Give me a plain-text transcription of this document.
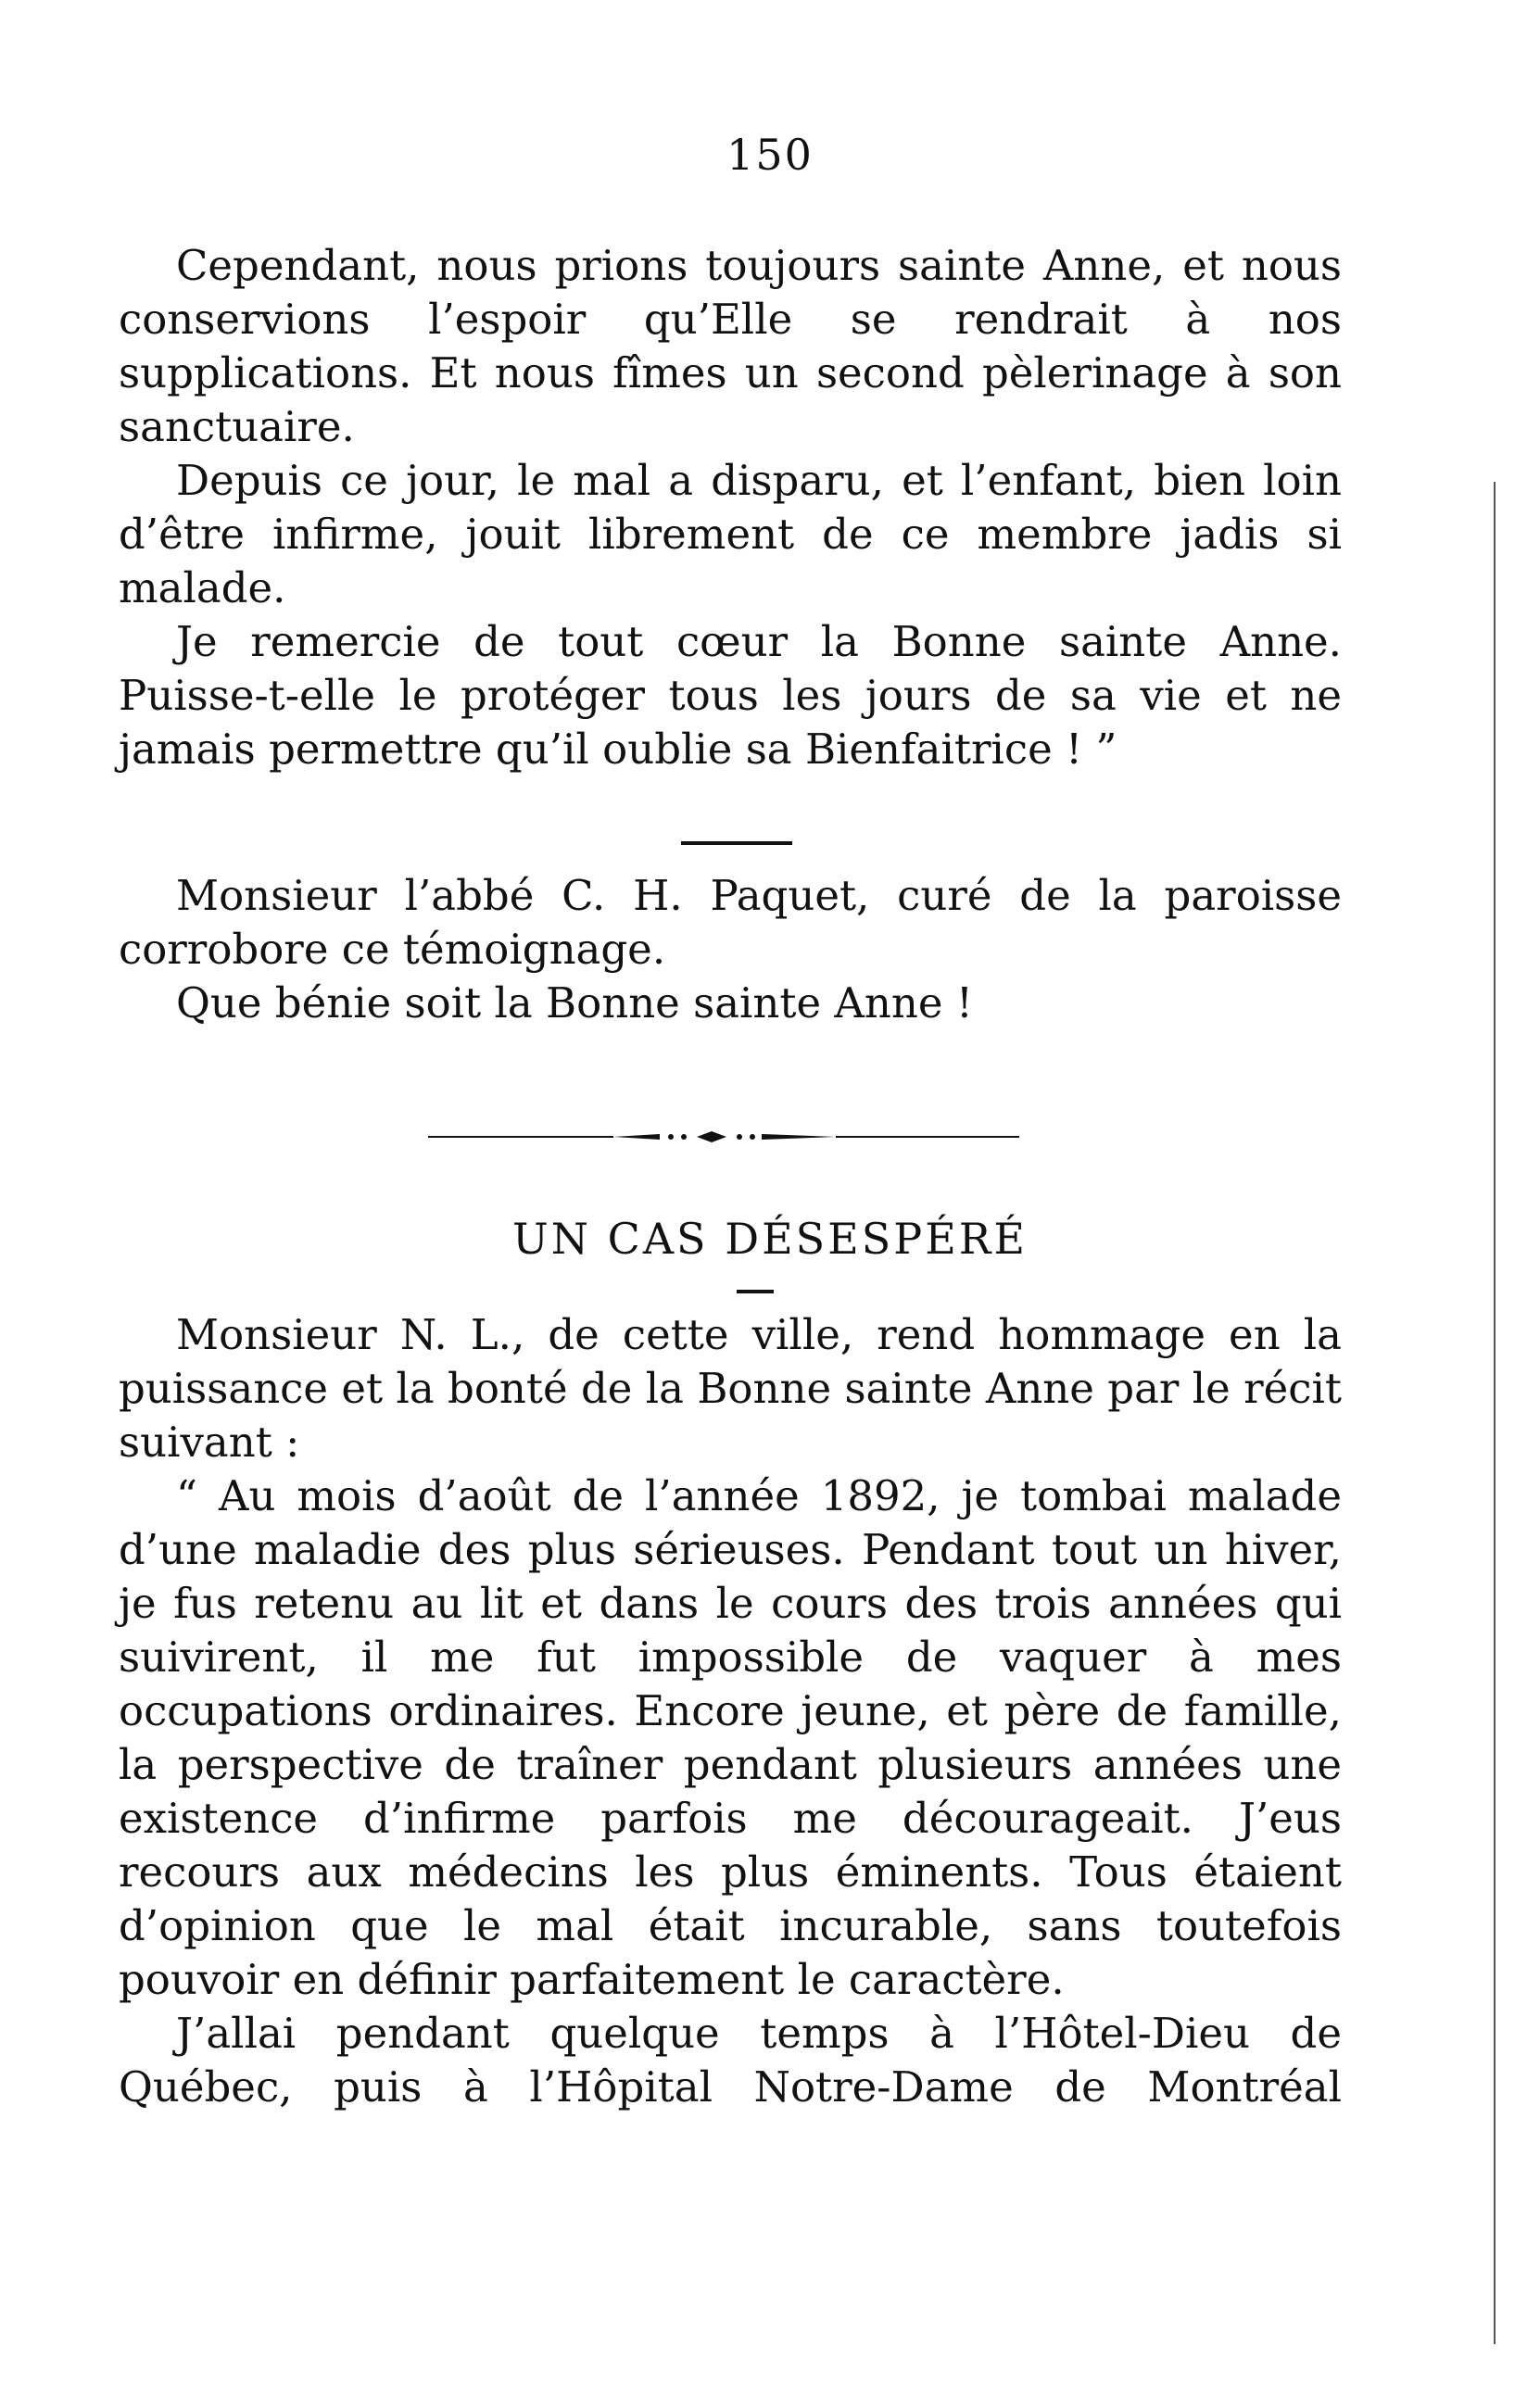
150

Cependant, nous prions toujours sainte Anne, et nous conservions l’espoir qu’Elle se rendrait à nos supplications. Et nous fîmes un second pèlerinage à son sanctuaire.

Depuis ce jour, le mal a disparu, et l’enfant, bien loin d’être infirme, jouit librement de ce membre jadis si malade.

Je remercie de tout cœur la Bonne sainte Anne. Puisse-t-elle le protéger tous les jours de sa vie et ne jamais permettre qu’il oublie sa Bienfaitrice ! ”

Monsieur l’abbé C. H. Paquet, curé de la paroisse corrobore ce témoignage.

Que bénie soit la Bonne sainte Anne !

UN CAS DÉSESPÉRÉ

Monsieur N. L., de cette ville, rend hommage en la puissance et la bonté de la Bonne sainte Anne par le récit suivant :

“ Au mois d’août de l’année 1892, je tombai malade d’une maladie des plus sérieuses. Pendant tout un hiver, je fus retenu au lit et dans le cours des trois années qui suivirent, il me fut impossible de vaquer à mes occupations ordinaires. Encore jeune, et père de famille, la perspective de traîner pendant plusieurs années une existence d’infirme parfois me décourageait. J’eus recours aux médecins les plus éminents. Tous étaient d’opinion que le mal était incurable, sans toutefois pouvoir en définir parfaitement le caractère.

J’allai pendant quelque temps à l’Hôtel-Dieu de Québec, puis à l’Hôpital Notre-Dame de Montréal
